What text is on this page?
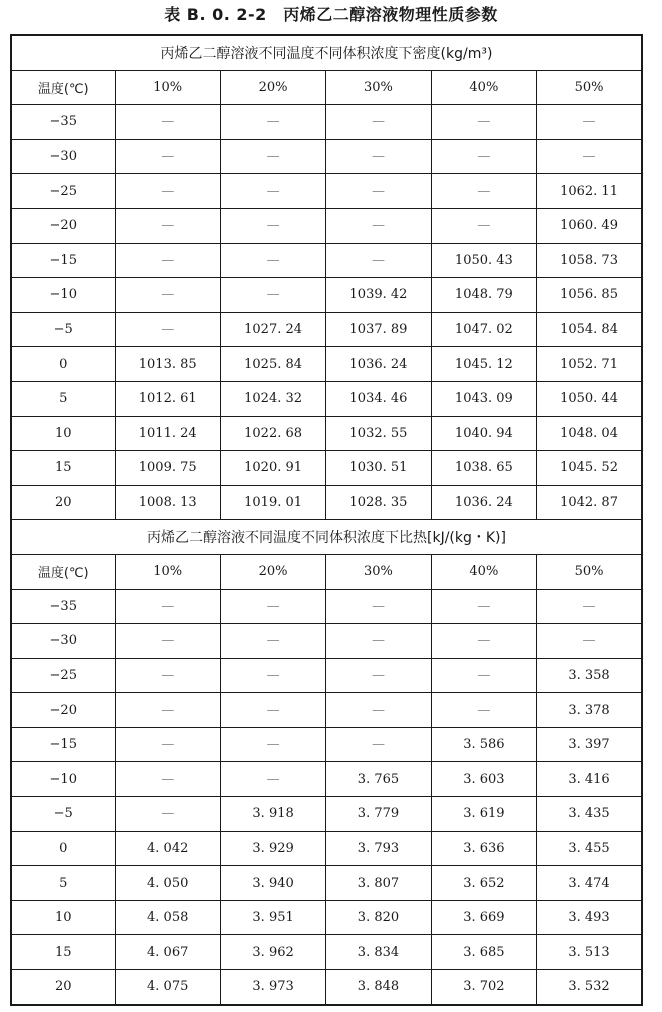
表 B. 0. 2-2　丙烯乙二醇溶液物理性质参数
丙烯乙二醇溶液不同温度不同体积浓度下密度(kg/m³)					
温度(℃)	10%	20%	30%	40%	50%
−35	—	—	—	—	—
−30	—	—	—	—	—
−25	—	—	—	—	1062. 11
−20	—	—	—	—	1060. 49
−15	—	—	—	1050. 43	1058. 73
−10	—	—	1039. 42	1048. 79	1056. 85
−5	—	1027. 24	1037. 89	1047. 02	1054. 84
0	1013. 85	1025. 84	1036. 24	1045. 12	1052. 71
5	1012. 61	1024. 32	1034. 46	1043. 09	1050. 44
10	1011. 24	1022. 68	1032. 55	1040. 94	1048. 04
15	1009. 75	1020. 91	1030. 51	1038. 65	1045. 52
20	1008. 13	1019. 01	1028. 35	1036. 24	1042. 87
丙烯乙二醇溶液不同温度不同体积浓度下比热[kJ/(kg・K)]					
温度(℃)	10%	20%	30%	40%	50%
−35	—	—	—	—	—
−30	—	—	—	—	—
−25	—	—	—	—	3. 358
−20	—	—	—	—	3. 378
−15	—	—	—	3. 586	3. 397
−10	—	—	3. 765	3. 603	3. 416
−5	—	3. 918	3. 779	3. 619	3. 435
0	4. 042	3. 929	3. 793	3. 636	3. 455
5	4. 050	3. 940	3. 807	3. 652	3. 474
10	4. 058	3. 951	3. 820	3. 669	3. 493
15	4. 067	3. 962	3. 834	3. 685	3. 513
20	4. 075	3. 973	3. 848	3. 702	3. 532
